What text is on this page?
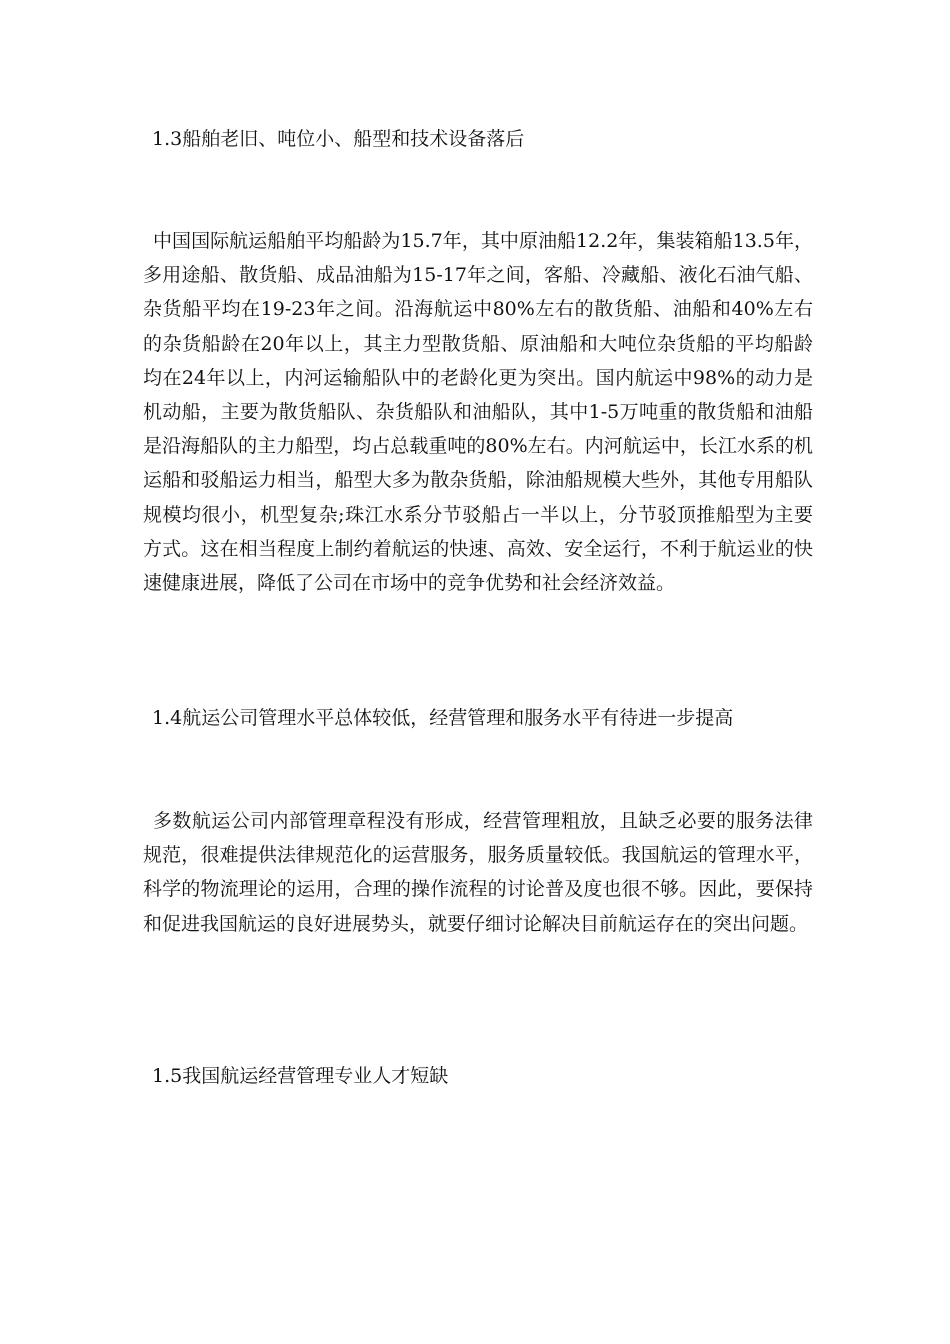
1.3船舶老旧、吨位小、船型和技术设备落后

中国国际航运船舶平均船龄为15.7年，其中原油船12.2年，集装箱船13.5年，多用途船、散货船、成品油船为15-17年之间，客船、冷藏船、液化石油气船、杂货船平均在19-23年之间。沿海航运中80%左右的散货船、油船和40%左右的杂货船龄在20年以上，其主力型散货船、原油船和大吨位杂货船的平均船龄均在24年以上，内河运输船队中的老龄化更为突出。国内航运中98%的动力是机动船，主要为散货船队、杂货船队和油船队，其中1-5万吨重的散货船和油船是沿海船队的主力船型，均占总载重吨的80%左右。内河航运中，长江水系的机运船和驳船运力相当，船型大多为散杂货船，除油船规模大些外，其他专用船队规模均很小，机型复杂;珠江水系分节驳船占一半以上，分节驳顶推船型为主要方式。这在相当程度上制约着航运的快速、高效、安全运行，不利于航运业的快速健康进展，降低了公司在市场中的竞争优势和社会经济效益。

1.4航运公司管理水平总体较低，经营管理和服务水平有待进一步提高

多数航运公司内部管理章程没有形成，经营管理粗放，且缺乏必要的服务法律规范，很难提供法律规范化的运营服务，服务质量较低。我国航运的管理水平，科学的物流理论的运用，合理的操作流程的讨论普及度也很不够。因此，要保持和促进我国航运的良好进展势头，就要仔细讨论解决目前航运存在的突出问题。

1.5我国航运经营管理专业人才短缺
